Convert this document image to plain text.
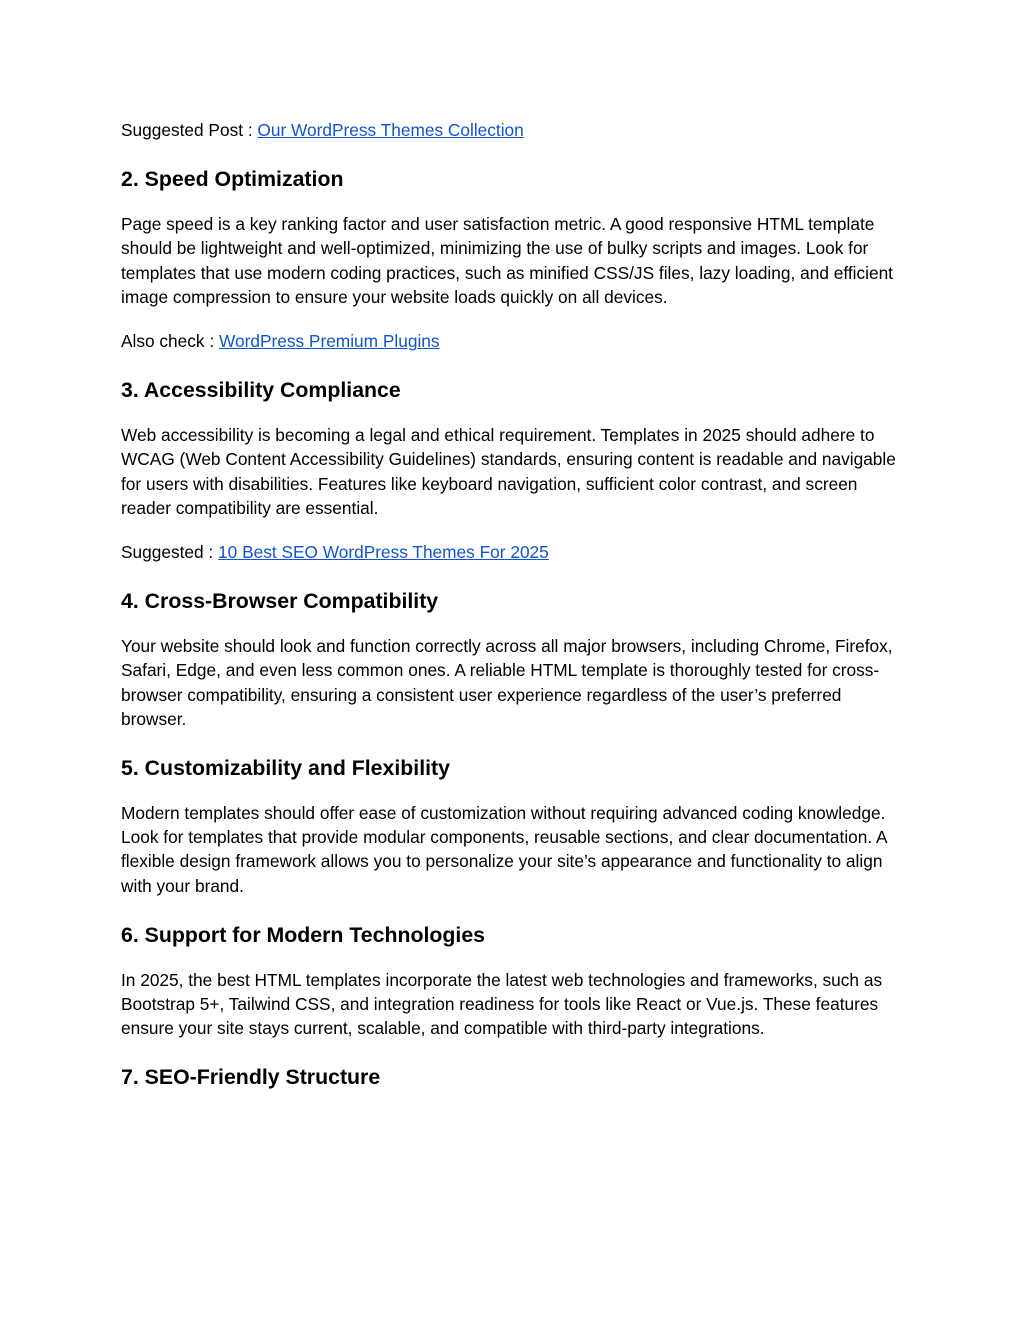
Suggested Post : Our WordPress Themes Collection

2. Speed Optimization

Page speed is a key ranking factor and user satisfaction metric. A good responsive HTML template should be lightweight and well-optimized, minimizing the use of bulky scripts and images. Look for templates that use modern coding practices, such as minified CSS/JS files, lazy loading, and efficient image compression to ensure your website loads quickly on all devices.

Also check : WordPress Premium Plugins

3. Accessibility Compliance

Web accessibility is becoming a legal and ethical requirement. Templates in 2025 should adhere to WCAG (Web Content Accessibility Guidelines) standards, ensuring content is readable and navigable for users with disabilities. Features like keyboard navigation, sufficient color contrast, and screen reader compatibility are essential.

Suggested : 10 Best SEO WordPress Themes For 2025

4. Cross-Browser Compatibility

Your website should look and function correctly across all major browsers, including Chrome, Firefox, Safari, Edge, and even less common ones. A reliable HTML template is thoroughly tested for cross-browser compatibility, ensuring a consistent user experience regardless of the user’s preferred browser.

5. Customizability and Flexibility

Modern templates should offer ease of customization without requiring advanced coding knowledge. Look for templates that provide modular components, reusable sections, and clear documentation. A flexible design framework allows you to personalize your site’s appearance and functionality to align with your brand.

6. Support for Modern Technologies

In 2025, the best HTML templates incorporate the latest web technologies and frameworks, such as Bootstrap 5+, Tailwind CSS, and integration readiness for tools like React or Vue.js. These features ensure your site stays current, scalable, and compatible with third-party integrations.

7. SEO-Friendly Structure
